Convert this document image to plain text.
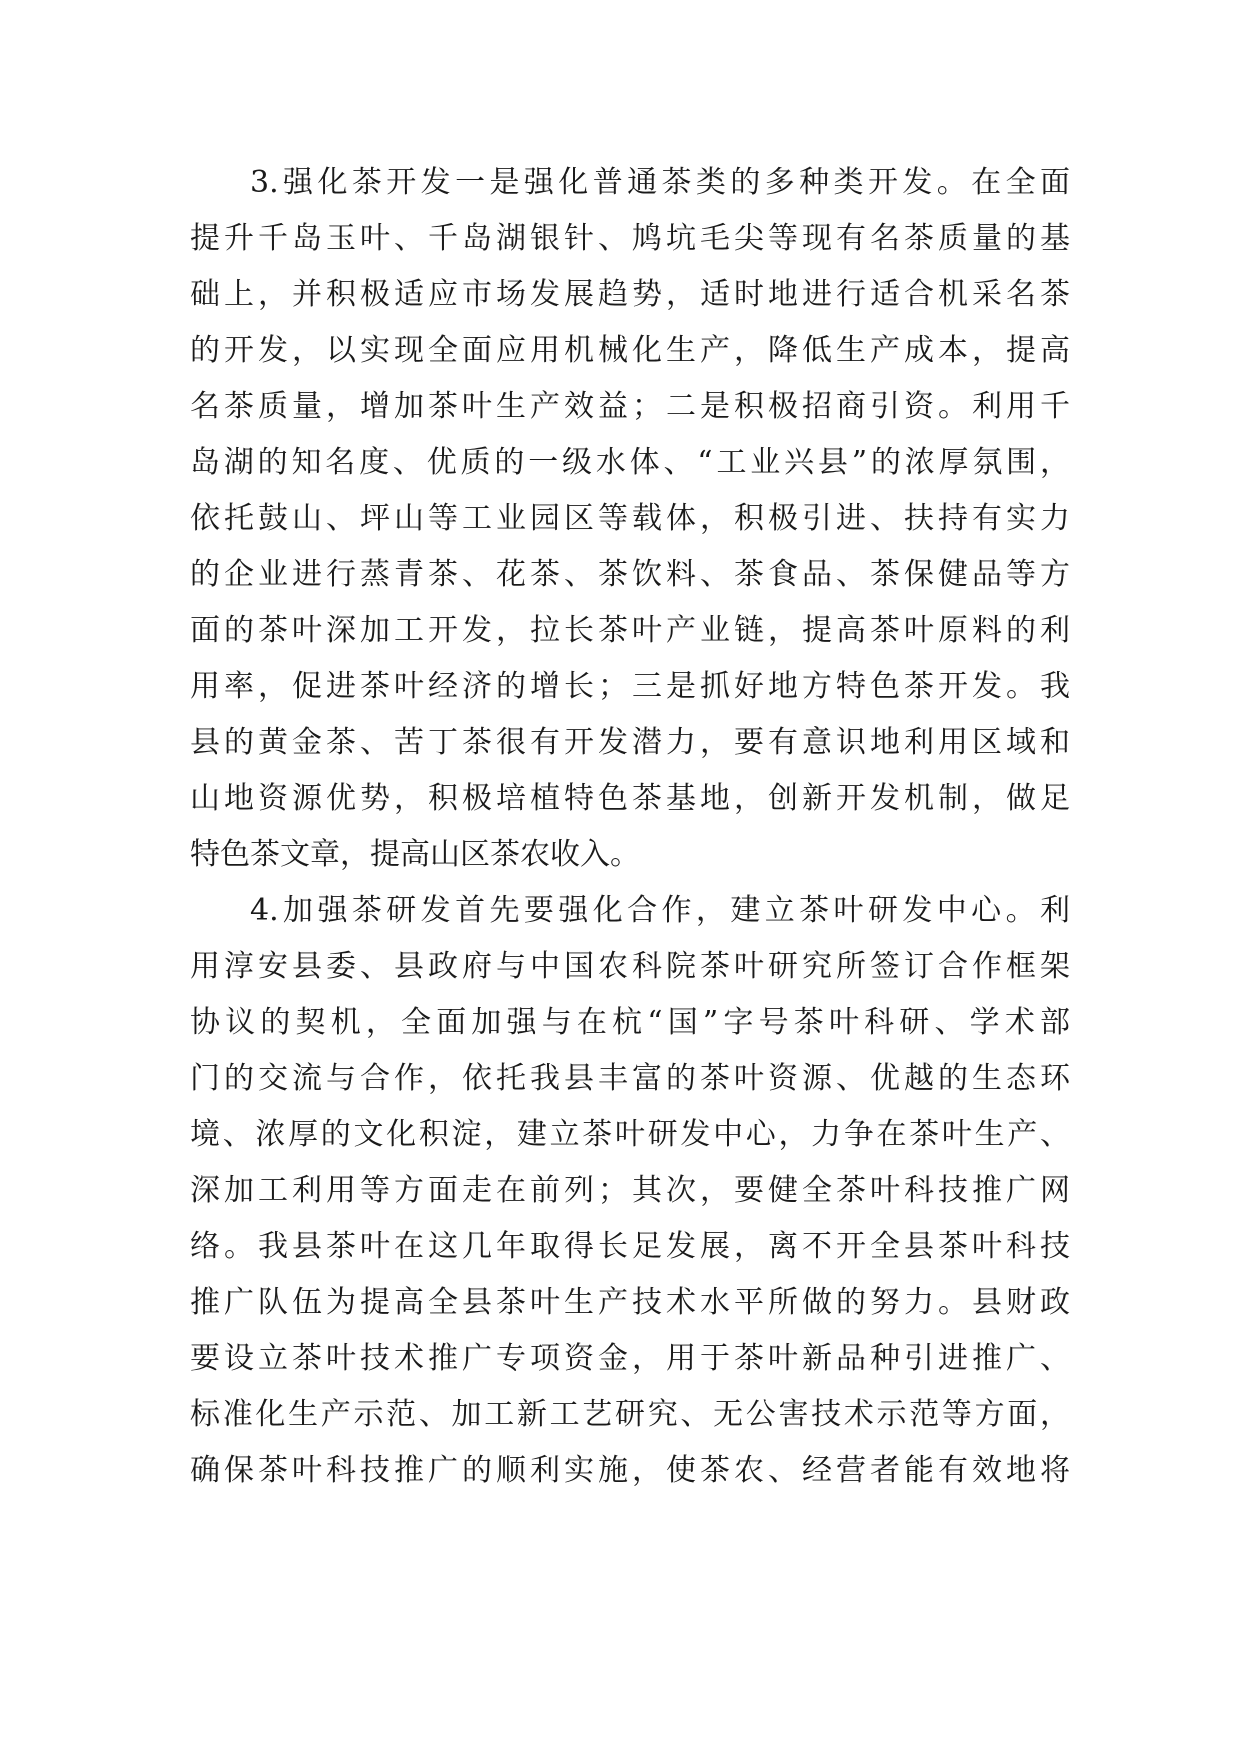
3.强化茶开发一是强化普通茶类的多种类开发。在全面
提升千岛玉叶、千岛湖银针、鸠坑毛尖等现有名茶质量的基
础上，并积极适应市场发展趋势，适时地进行适合机采名茶
的开发，以实现全面应用机械化生产，降低生产成本，提高
名茶质量，增加茶叶生产效益；二是积极招商引资。利用千
岛湖的知名度、优质的一级水体、“工业兴县”的浓厚氛围，
依托鼓山、坪山等工业园区等载体，积极引进、扶持有实力
的企业进行蒸青茶、花茶、茶饮料、茶食品、茶保健品等方
面的茶叶深加工开发，拉长茶叶产业链，提高茶叶原料的利
用率，促进茶叶经济的增长；三是抓好地方特色茶开发。我
县的黄金茶、苦丁茶很有开发潜力，要有意识地利用区域和
山地资源优势，积极培植特色茶基地，创新开发机制，做足
特色茶文章，提高山区茶农收入。
4.加强茶研发首先要强化合作，建立茶叶研发中心。利
用淳安县委、县政府与中国农科院茶叶研究所签订合作框架
协议的契机，全面加强与在杭“国”字号茶叶科研、学术部
门的交流与合作，依托我县丰富的茶叶资源、优越的生态环
境、浓厚的文化积淀，建立茶叶研发中心，力争在茶叶生产、
深加工利用等方面走在前列；其次，要健全茶叶科技推广网
络。我县茶叶在这几年取得长足发展，离不开全县茶叶科技
推广队伍为提高全县茶叶生产技术水平所做的努力。县财政
要设立茶叶技术推广专项资金，用于茶叶新品种引进推广、
标准化生产示范、加工新工艺研究、无公害技术示范等方面，
确保茶叶科技推广的顺利实施，使茶农、经营者能有效地将
